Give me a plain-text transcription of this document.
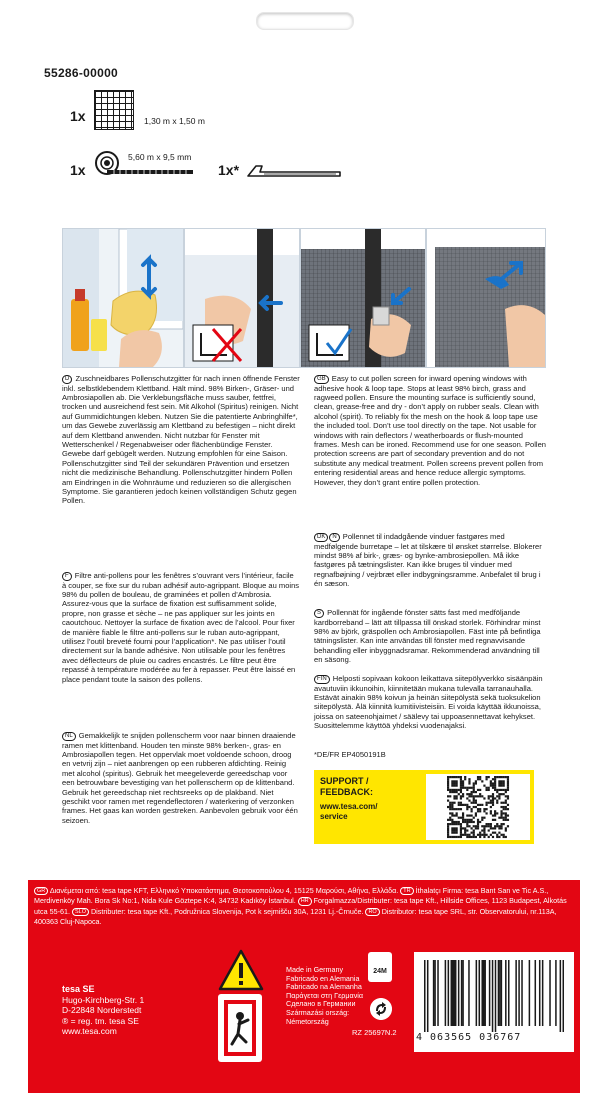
55286-00000
1x	1,30 m x 1,50 m
1x
5,60 m x 9,5 mm
1x*
D Zuschneidbares Pollenschutzgitter für nach innen öffnende Fenster inkl. selbstklebendem Klettband. Hält mind. 98% Birken-, Gräser- und Ambrosiapollen ab. Die Verklebungsfläche muss sauber, fettfrei, trocken und ausreichend fest sein. Mit Alkohol (Spiritus) reinigen. Nicht auf Gummidichtungen kleben. Nutzen Sie die patentierte Anbringhilfe*, um das Gewebe zuverlässig am Klettband zu befestigen – nicht direkt auf dem Klettband anwenden. Nicht nutzbar für Fenster mit Wetterschenkel / Regenabweiser oder flächenbündige Fenster. Gewebe darf gebügelt werden. Nutzung empfohlen für eine Saison. Pollenschutzgitter sind Teil der sekundären Prävention und ersetzen nicht die medizinische Behandlung. Pollenschutzgitter hindern Pollen am Eindringen in die Wohnräume und reduzieren so die allergischen Symptome. Sie garantieren jedoch keinen vollständigen Schutz gegen Pollen.
F Filtre anti-pollens pour les fenêtres s’ouvrant vers l’intérieur, facile à couper, se fixe sur du ruban adhésif auto-agrippant. Bloque au moins 98% du pollen de bouleau, de graminées et pollen d’Ambrosia. Assurez-vous que la surface de fixation est suffisamment solide, propre, non grasse et sèche – ne pas appliquer sur les joints en caoutchouc. Nettoyer la surface de fixation avec de l’alcool. Pour fixer de manière fiable le filtre anti-pollens sur le ruban auto-agrippant, utilisez l’outil breveté fourni pour l’application*. Ne pas utiliser l’outil directement sur la bande adhésive. Non utilisable pour les fenêtres avec déflecteurs de pluie ou cadres encastrés. Le filtre peut être repassé à température modérée au fer à repasser. Peut être laissé en place pendant toute la saison des pollens.
NL Gemakkelijk te snijden pollenscherm voor naar binnen draaiende ramen met klittenband. Houden ten minste 98% berken-, gras- en Ambrosiapollen tegen. Het oppervlak moet voldoende schoon, droog en vetvrij zijn – niet aanbrengen op een rubberen afdichting. Reinig met alcohol (spiritus). Gebruik het meegeleverde gereedschap voor een betrouwbare bevestiging van het pollenscherm op de klittenband. Gebruik het gereedschap niet rechtsreeks op de plakband. Niet geschikt voor ramen met regendeflectoren / waterkering of verzonken frames. Het gaas kan worden gestreken. Aanbevolen gebruik voor één seizoen.
GB Easy to cut pollen screen for inward opening windows with adhesive hook & loop tape. Stops at least 98% birch, grass and ragweed pollen. Ensure the mounting surface is sufficiently sound, clean, grease-free and dry - don’t apply on rubber seals. Clean with alcohol (spirit). To reliably fix the mesh on the hook & loop tape use the included tool. Don’t use tool directly on the tape. Not usable for windows with rain deflectors / weatherboards or flush-mounted frames. Mesh can be ironed. Recommend use for one season. Pollen protection screens are part of secondary prevention and do not substitute any medical treatment. Pollen screens prevent pollen from entering residential areas and hence reduce allergic symptoms. However, they don’t grant entire pollen protection.
DK N Pollennet til indadgående vinduer fastgøres med medfølgende burretape – let at tilskære til ønsket størrelse. Blokerer mindst 98% af birk-, græs- og bynke-ambrosiepollen. Må ikke fastgøres på tætningslister. Kan ikke bruges til vinduer med regnafbøjning / vejrbræt eller indbygningsramme. Anbefalet til brug i én sæson.
S Pollennät för ingående fönster sätts fast med medföljande kardborreband – lätt att tillpassa till önskad storlek. Förhindrar minst 98% av björk, gräspollen och Ambrosiapollen. Fäst inte på befintliga tätningslister. Kan inte användas till fönster med regnavvisande behandling eller inbyggnadsramar. Rekommenderad användning till en säsong.
FIN Helposti sopivaan kokoon leikattava siitepölyverkko sisäänpäin avautuviin ikkunoihin, kiinnitetään mukana tulevalla tarranauhalla. Estävät ainakin 98% koivun ja heinän siitepölystä sekä tuoksukelion siitepölystä. Älä kiinnitä kumitiivisteisiin. Ei voida käyttää ikkunoissa, joissa on sateenohjaimet / säälevy tai uppoasennettavat kehykset. Suosittelemme käyttöä yhdeksi vuodenajaksi.
*DE/FR EP4050191B
SUPPORT / FEEDBACK:
www.tesa.com/ service
GR Διανέμεται από: tesa tape KFT, Ελληνικό Υποκατάστημα, Θεοτοκοπούλου 4, 15125 Μαρούσι, Αθήνα, Ελλάδα. TR İthalatçı Firma: tesa Bant San ve Tic A.S., Merdivenköy Mah. Bora Sk No:1, Nida Kule Göztepe K:4, 34732 Kadıköy İstanbul. HR Forgalmazza/Distributer: tesa tape Kft., Hillside Offices, 1123 Budapest, Alkotás utca 55-61. SLO Distributer: tesa tape Kft., Podružnica Slovenija, Pot k sejmišču 30A, 1231 Lj.-Črnuče. RO Distributor: tesa tape SRL, str. Observatorului, nr.113A, 400363 Cluj-Napoca.
tesa SE
Hugo-Kirchberg-Str. 1
D-22848 Norderstedt
® = reg. tm. tesa SE
www.tesa.com
Made in Germany
Fabricado en Alemania
Fabricado na Alemanha
Παράγεται στη Γερμανία
Сделано в Германии
Származási ország:
Németország
24M
RZ 25697N.2 4 063565 036767
